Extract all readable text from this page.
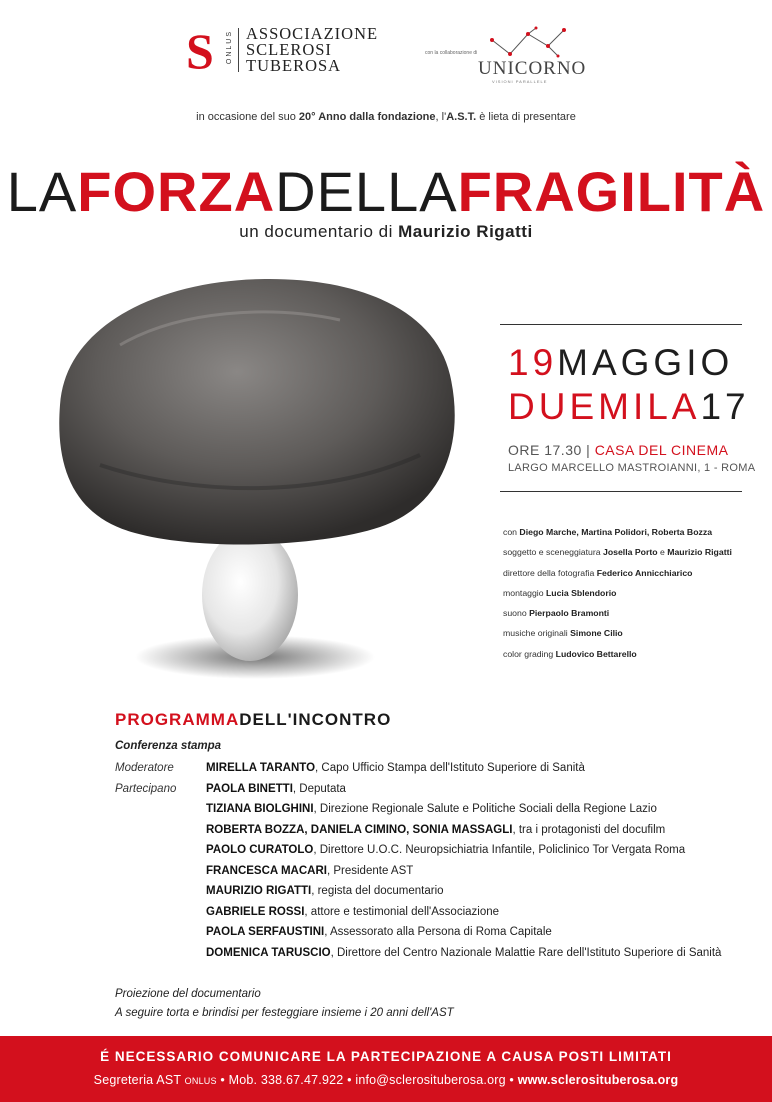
S ONLUS ASSOCIAZIONE
SCLEROSI
TUBEROSA
con la collaborazione di
UNICORNO
VISIONI PARALLELE
in occasione del suo 20° Anno dalla fondazione, l'A.S.T. è lieta di presentare
LAFORZADELLAFRAGILITÀ
un documentario di Maurizio Rigatti
19MAGGIO
DUEMILA17
ORE 17.30 | CASA DEL CINEMA
LARGO MARCELLO MASTROIANNI, 1 - ROMA
con Diego Marche, Martina Polidori, Roberta Bozza
soggetto e sceneggiatura Josella Porto e Maurizio Rigatti
direttore della fotografia Federico Annicchiarico
montaggio Lucia Sblendorio
suono Pierpaolo Bramonti
musiche originali Simone Cilio
color grading Ludovico Bettarello
PROGRAMMADELL'INCONTRO
Conferenza stampa
Moderatore
Partecipano
MIRELLA TARANTO, Capo Ufficio Stampa dell'Istituto Superiore di Sanità
PAOLA BINETTI, Deputata
TIZIANA BIOLGHINI, Direzione Regionale Salute e Politiche Sociali della Regione Lazio
ROBERTA BOZZA, DANIELA CIMINO, SONIA MASSAGLI, tra i protagonisti del docufilm
PAOLO CURATOLO, Direttore U.O.C. Neuropsichiatria Infantile, Policlinico Tor Vergata Roma
FRANCESCA MACARI, Presidente AST
MAURIZIO RIGATTI, regista del documentario
GABRIELE ROSSI, attore e testimonial dell'Associazione
PAOLA SERFAUSTINI, Assessorato alla Persona di Roma Capitale
DOMENICA TARUSCIO, Direttore del Centro Nazionale Malattie Rare dell'Istituto Superiore di Sanità
Proiezione del documentario
A seguire torta e brindisi per festeggiare insieme i 20 anni dell'AST
É NECESSARIO COMUNICARE LA PARTECIPAZIONE A CAUSA POSTI LIMITATI
Segreteria AST ONLUS • Mob. 338.67.47.922 • info@sclerosituberosa.org • www.sclerosituberosa.org
